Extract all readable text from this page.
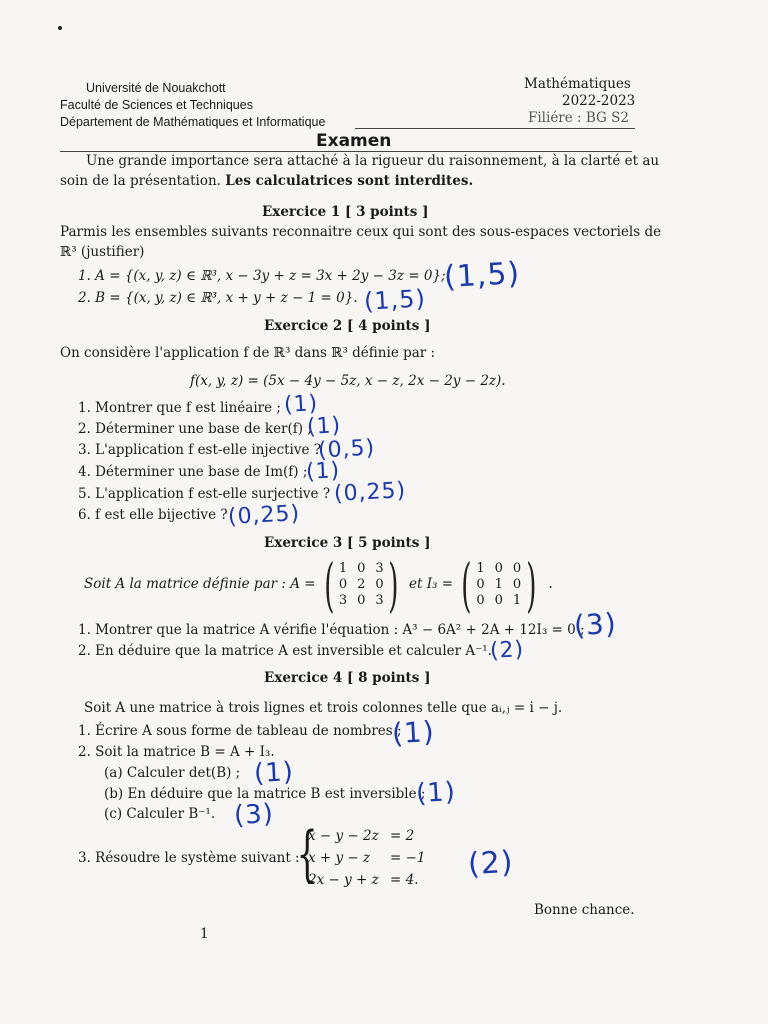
Université de Nouakchott
Faculté de Sciences et Techniques
Département de Mathématiques et Informatique
Mathématiques
2022-2023
Filiére : BG S2
Examen
Une grande importance sera attaché à la rigueur du raisonnement, à la clarté et au
soin de la présentation. Les calculatrices sont interdites.
Exercice 1 [ 3 points ]
Parmis les ensembles suivants reconnaitre ceux qui sont des sous-espaces vectoriels de
ℝ³ (justifier)
1. A = {(x, y, z) ∈ ℝ³, x − 3y + z = 3x + 2y − 3z = 0};
2. B = {(x, y, z) ∈ ℝ³, x + y + z − 1 = 0}.
(1,5)
(1,5)
Exercice 2 [ 4 points ]
On considère l'application f de ℝ³ dans ℝ³ définie par :
f(x, y, z) = (5x − 4y − 5z, x − z, 2x − 2y − 2z).
1. Montrer que f est linéaire ;
2. Déterminer une base de ker(f) ;
3. L'application f est-elle injective ?
4. Déterminer une base de Im(f) ;
5. L'application f est-elle surjective ?
6. f est elle bijective ?
(1)
(1)
(0,5)
(1)
(0,25)
(0,25)
Exercice 3 [ 5 points ]
Soit A la matrice définie par : A = ( 1	0	3
0	2	0
3	0	3 ) et I₃ = ( 1	0	0
0	1	0
0	0	1 ) .
1. Montrer que la matrice A vérifie l'équation : A³ − 6A² + 2A + 12I₃ = 0 ;
2. En déduire que la matrice A est inversible et calculer A⁻¹.
(3)
(2)
Exercice 4 [ 8 points ]
Soit A une matrice à trois lignes et trois colonnes telle que aᵢ,ⱼ = i − j.
1. Écrire A sous forme de tableau de nombres ;
2. Soit la matrice B = A + I₃.
(a) Calculer det(B) ;
(b) En déduire que la matrice B est inversible ;
(c) Calculer B⁻¹.
(1)
(1)
(1)
(3)
3. Résoudre le système suivant :
{
x − y − 2z = 2
x + y − z = −1
2x − y + z = 4. (2)
Bonne chance.
1
